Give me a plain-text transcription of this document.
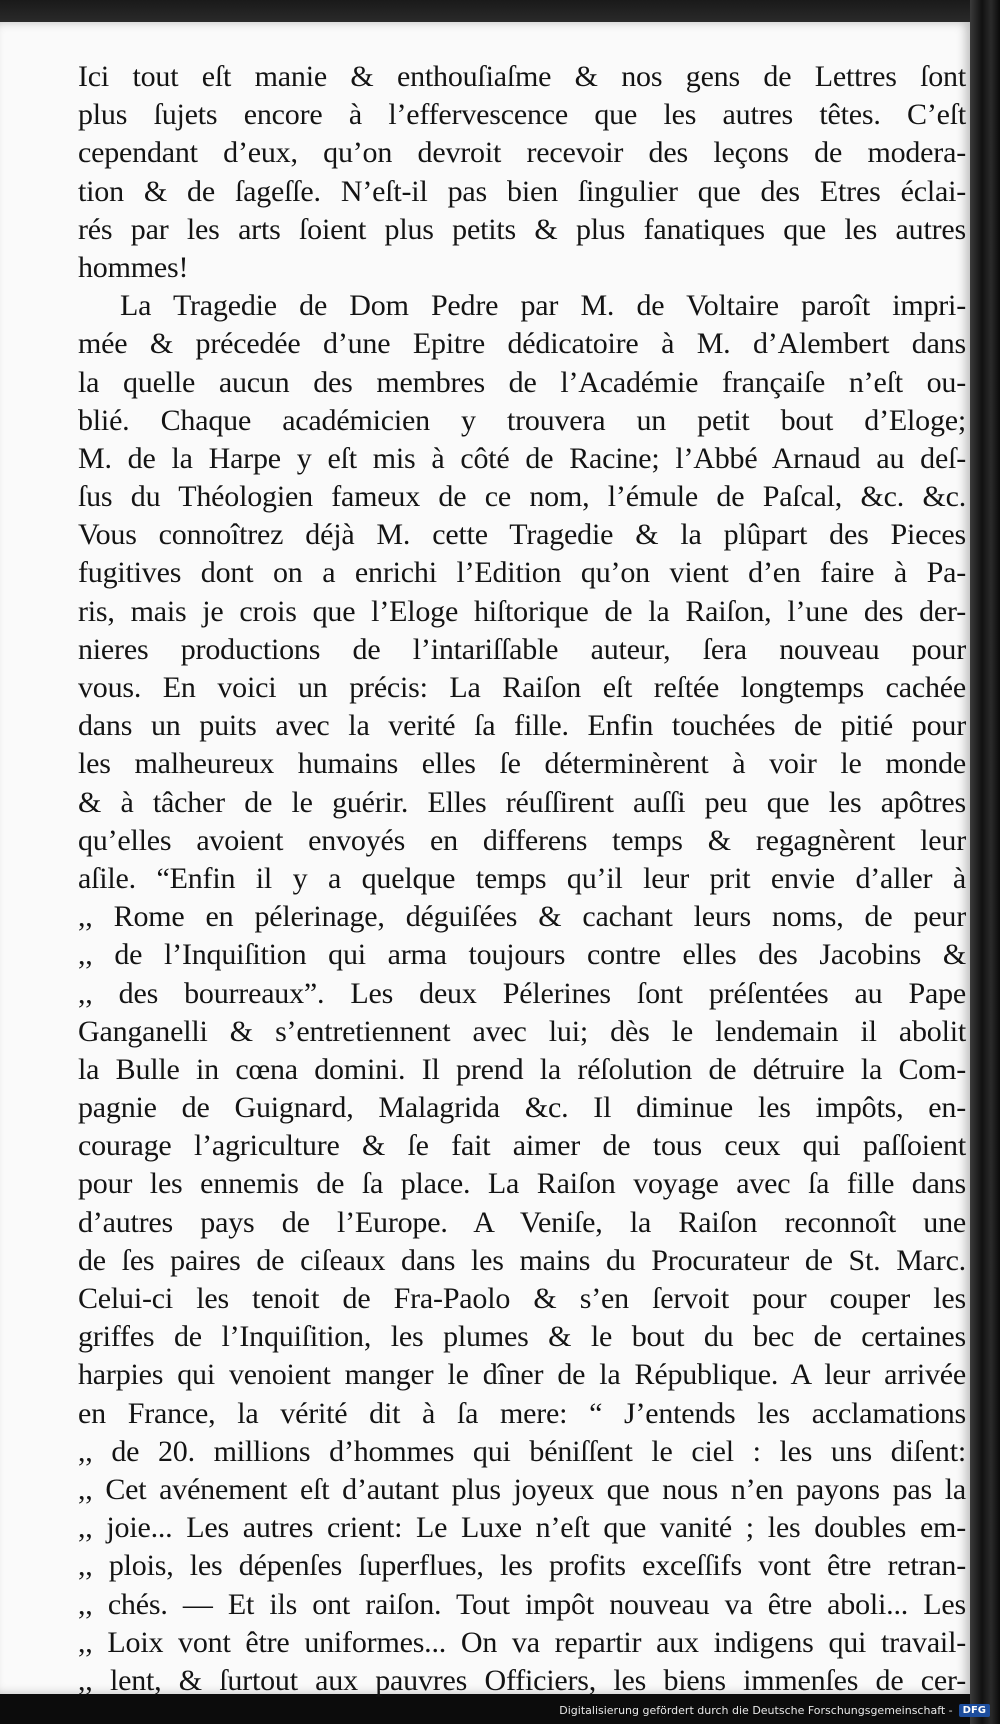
Ici tout eſt manie & enthouſiaſme & nos gens de Lettres ſont
plus ſujets encore à l’effervescence que les autres têtes. C’eſt
cependant d’eux, qu’on devroit recevoir des leçons de modera-
tion & de ſageſſe. N’eſt-il pas bien ſingulier que des Etres éclai-
rés par les arts ſoient plus petits & plus fanatiques que les autres
hommes!
La Tragedie de Dom Pedre par M. de Voltaire paroît impri-
mée & précedée d’une Epitre dédicatoire à M. d’Alembert dans
la quelle aucun des membres de l’Académie françaiſe n’eſt ou-
blié. Chaque académicien y trouvera un petit bout d’Eloge;
M. de la Harpe y eſt mis à côté de Racine; l’Abbé Arnaud au deſ-
ſus du Théologien fameux de ce nom, l’émule de Paſcal, &c. &c.
Vous connoîtrez déjà M. cette Tragedie & la plûpart des Pieces
fugitives dont on a enrichi l’Edition qu’on vient d’en faire à Pa-
ris, mais je crois que l’Eloge hiſtorique de la Raiſon, l’une des der-
nieres productions de l’intariſſable auteur, ſera nouveau pour
vous. En voici un précis: La Raiſon eſt reſtée longtemps cachée
dans un puits avec la verité ſa fille. Enfin touchées de pitié pour
les malheureux humains elles ſe déterminèrent à voir le monde
& à tâcher de le guérir. Elles réuſſirent auſſi peu que les apôtres
qu’elles avoient envoyés en differens temps & regagnèrent leur
aſile. “Enfin il y a quelque temps qu’il leur prit envie d’aller à
,, Rome en pélerinage, déguiſées & cachant leurs noms, de peur
,, de l’Inquiſition qui arma toujours contre elles des Jacobins &
,, des bourreaux”. Les deux Pélerines ſont préſentées au Pape
Ganganelli & s’entretiennent avec lui; dès le lendemain il abolit
la Bulle in cœna domini. Il prend la réſolution de détruire la Com-
pagnie de Guignard, Malagrida &c. Il diminue les impôts, en-
courage l’agriculture & ſe fait aimer de tous ceux qui paſſoient
pour les ennemis de ſa place. La Raiſon voyage avec ſa fille dans
d’autres pays de l’Europe. A Veniſe, la Raiſon reconnoît une
de ſes paires de ciſeaux dans les mains du Procurateur de St. Marc.
Celui-ci les tenoit de Fra-Paolo & s’en ſervoit pour couper les
griffes de l’Inquiſition, les plumes & le bout du bec de certaines
harpies qui venoient manger le dîner de la République. A leur arrivée
en France, la vérité dit à ſa mere: “ J’entends les acclamations
,, de 20. millions d’hommes qui béniſſent le ciel : les uns diſent:
,, Cet avénement eſt d’autant plus joyeux que nous n’en payons pas la
,, joie... Les autres crient: Le Luxe n’eſt que vanité ; les doubles em-
,, plois, les dépenſes ſuperflues, les profits exceſſifs vont être retran-
,, chés. — Et ils ont raiſon. Tout impôt nouveau va être aboli... Les
,, Loix vont être uniformes... On va repartir aux indigens qui travail-
,, lent, & ſurtout aux pauvres Officiers, les biens immenſes de cer-
Digitalisierung gefördert durch die Deutsche Forschungsgemeinschaft -	DFG
